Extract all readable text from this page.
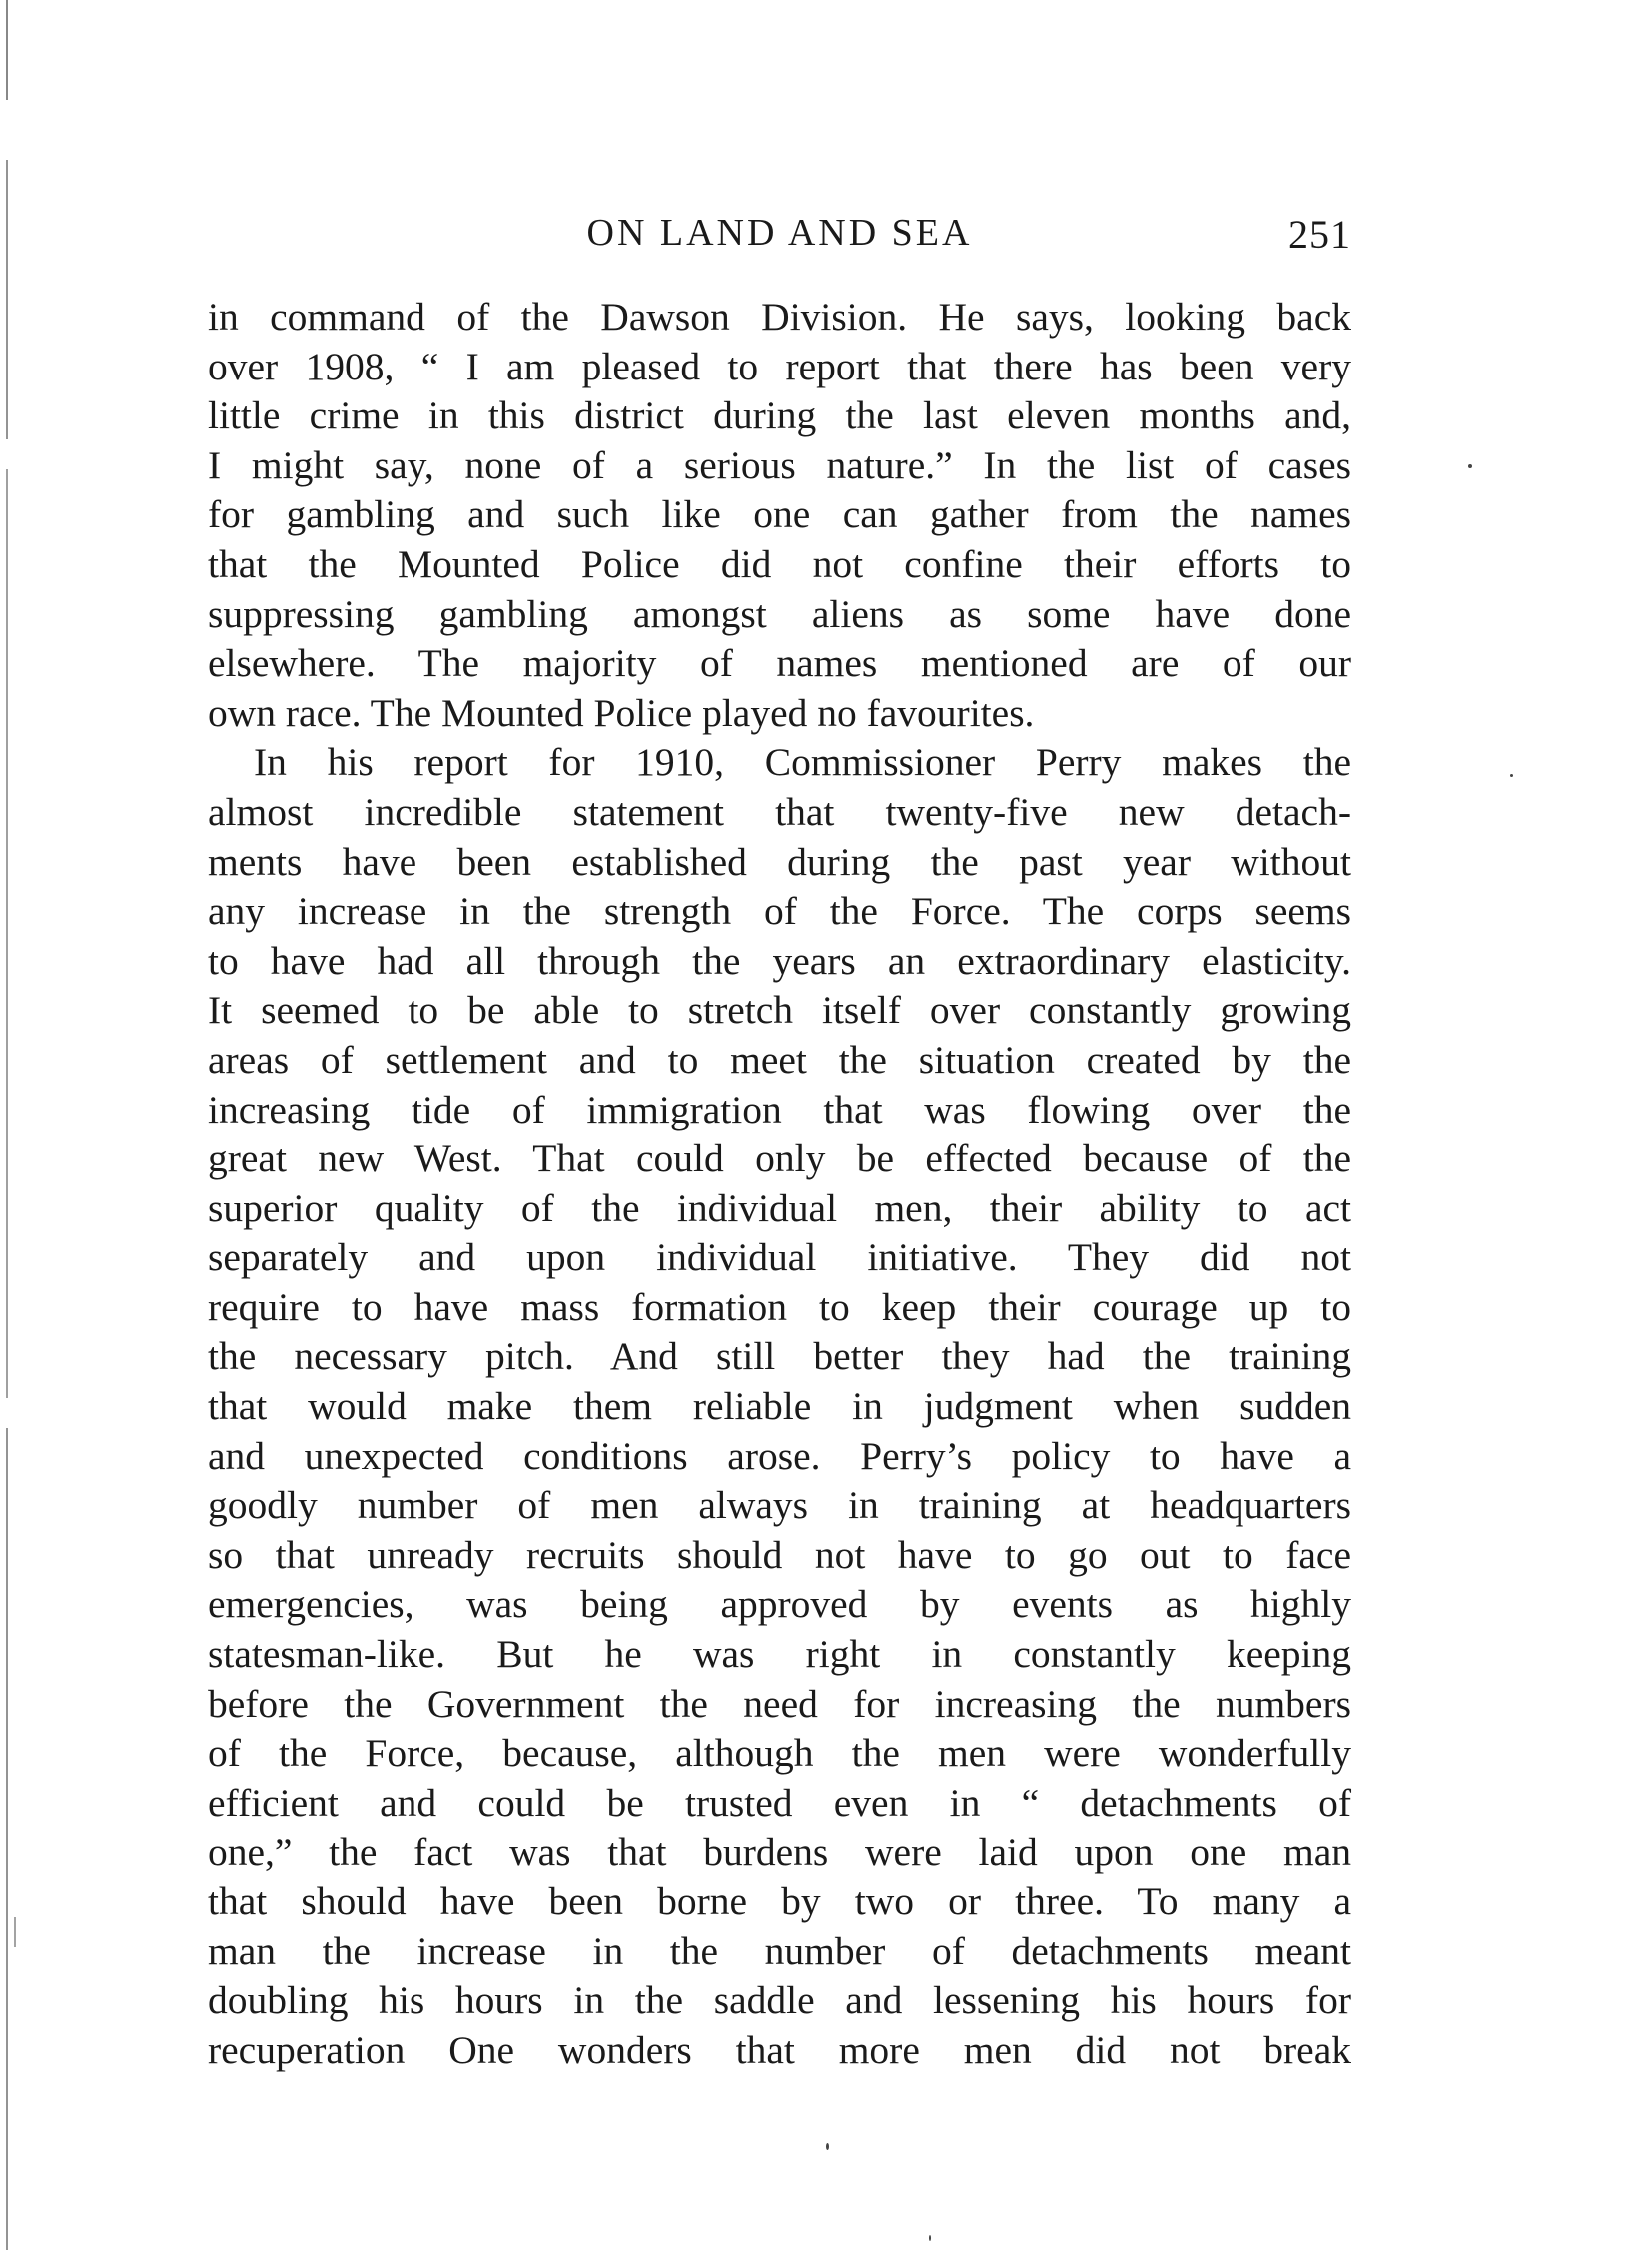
ON LAND AND SEA	251
in command of the Dawson Division. He says, looking back
over 1908, “ I am pleased to report that there has been very
little crime in this district during the last eleven months and,
I might say, none of a serious nature.” In the list of cases
for gambling and such like one can gather from the names
that the Mounted Police did not confine their efforts to
suppressing gambling amongst aliens as some have done
elsewhere. The majority of names mentioned are of our
own race. The Mounted Police played no favourites.
In his report for 1910, Commissioner Perry makes the
almost incredible statement that twenty-five new detach-
ments have been established during the past year without
any increase in the strength of the Force. The corps seems
to have had all through the years an extraordinary elasticity.
It seemed to be able to stretch itself over constantly growing
areas of settlement and to meet the situation created by the
increasing tide of immigration that was flowing over the
great new West. That could only be effected because of the
superior quality of the individual men, their ability to act
separately and upon individual initiative. They did not
require to have mass formation to keep their courage up to
the necessary pitch. And still better they had the training
that would make them reliable in judgment when sudden
and unexpected conditions arose. Perry’s policy to have a
goodly number of men always in training at headquarters
so that unready recruits should not have to go out to face
emergencies, was being approved by events as highly
statesman-like. But he was right in constantly keeping
before the Government the need for increasing the numbers
of the Force, because, although the men were wonderfully
efficient and could be trusted even in “ detachments of
one,” the fact was that burdens were laid upon one man
that should have been borne by two or three. To many a
man the increase in the number of detachments meant
doubling his hours in the saddle and lessening his hours for
recuperation One wonders that more men did not break
